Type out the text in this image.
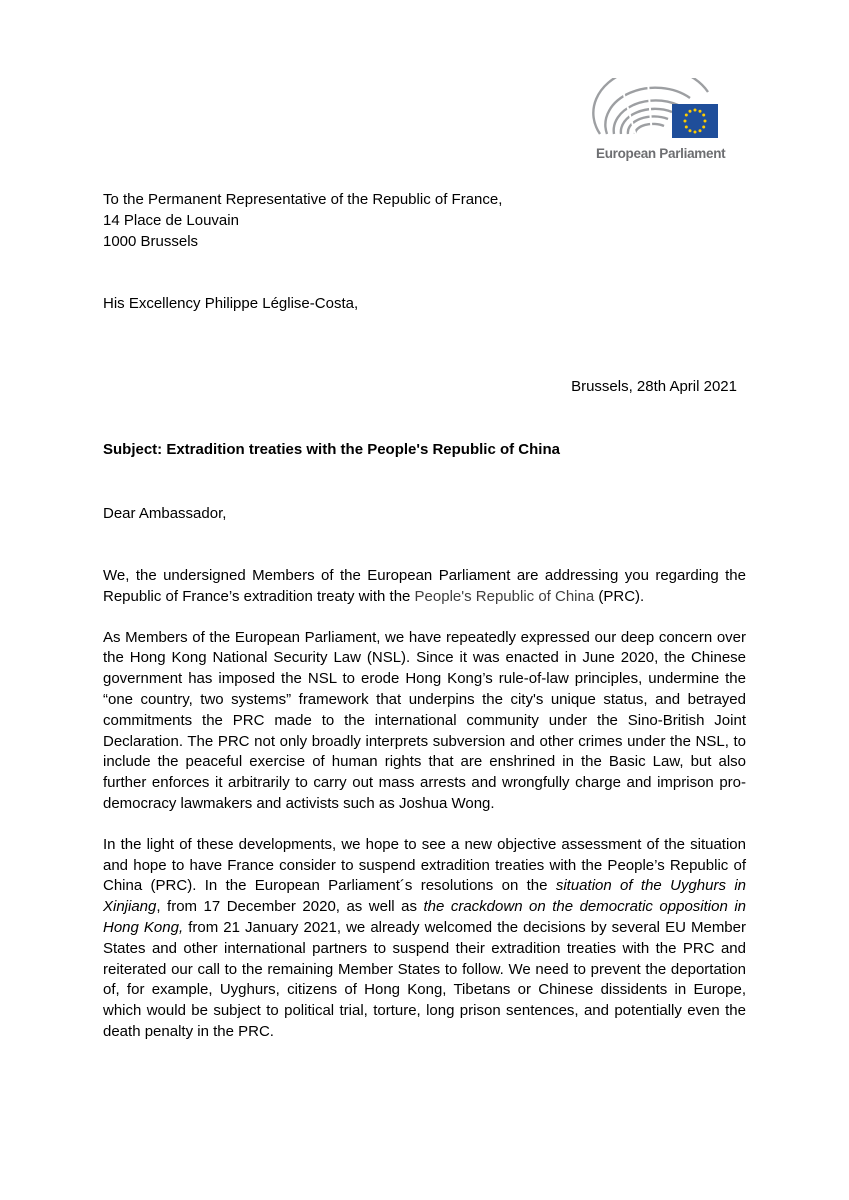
European Parliament

To the Permanent Representative of the Republic of France,

14 Place de Louvain

1000 Brussels

His Excellency Philippe Léglise-Costa,
Brussels, 28th April 2021
Subject: Extradition treaties with the People's Republic of China
Dear Ambassador,

We, the undersigned Members of the European Parliament are addressing you regarding the Republic of France’s extradition treaty with the People's Republic of China (PRC).

As Members of the European Parliament, we have repeatedly expressed our deep concern over the Hong Kong National Security Law (NSL). Since it was enacted in June 2020, the Chinese government has imposed the NSL to erode Hong Kong’s rule-of-law principles, undermine the “one country, two systems” framework that underpins the city's unique status, and betrayed commitments the PRC made to the international community under the Sino-British Joint Declaration. The PRC not only broadly interprets subversion and other crimes under the NSL, to include the peaceful exercise of human rights that are enshrined in the Basic Law, but also further enforces it arbitrarily to carry out mass arrests and wrongfully charge and imprison pro-democracy lawmakers and activists such as Joshua Wong.

In the light of these developments, we hope to see a new objective assessment of the situation and hope to have France consider to suspend extradition treaties with the People’s Republic of China (PRC). In the European Parliament´s resolutions on the situation of the Uyghurs in Xinjiang, from 17 December 2020, as well as the crackdown on the democratic opposition in Hong Kong, from 21 January 2021, we already welcomed the decisions by several EU Member States and other international partners to suspend their extradition treaties with the PRC and reiterated our call to the remaining Member States to follow. We need to prevent the deportation of, for example, Uyghurs, citizens of Hong Kong, Tibetans or Chinese dissidents in Europe, which would be subject to political trial, torture, long prison sentences, and potentially even the death penalty in the PRC.
